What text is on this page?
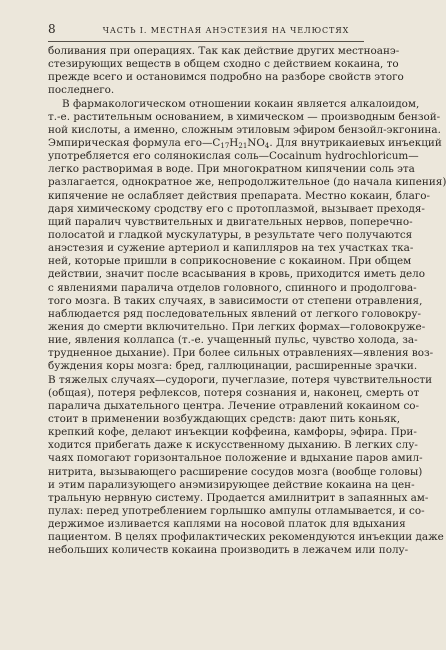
8	ЧАСТЬ I. МЕСТНАЯ АНЭСТЕЗИЯ НА ЧЕЛЮСТЯХ
боливания при операциях. Так как действие других местноанэ-
стезирующих веществ в общем сходно с действием кокаина, то
прежде всего и остановимся подробно на разборе свойств этого
последнего.
В фармакологическом отношении кокаин является алкалоидом,
т.-е. растительным основанием, в химическом — производным бензой-
ной кислоты, а именно, сложным этиловым эфиром бензойл-экгонина.
Эмпирическая формула $его—C_{17}H_{21}NO_4$. Для внутрикаиевых инъекций
употребляется его солянокислая соль—Cocainum hydrochloricum—
легко растворимая в воде. При многократном кипячении соль эта
разлагается, однократное же, непродолжительное (до начала кипения)
кипячение не ослабляет действия препарата. Местно кокаин, благо-
даря химическому сродству его с протоплазмой, вызывает преходя-
щий паралич чувствительных и двигательных нервов, поперечно-
полосатой и гладкой мускулатуры, в результате чего получаются
анэстезия и сужение артериол и капилляров на тех участках тка-
ней, которые пришли в соприкосновение с кокаином. При общем
действии, значит после всасывания в кровь, приходится иметь дело
с явлениями паралича отделов головного, спинного и продолгова-
того мозга. В таких случаях, в зависимости от степени отравления,
наблюдается ряд последовательных явлений от легкого головокру-
жения до смерти включительно. При легких формах—головокруже-
ние, явления коллапса (т.-е. учащенный пульс, чувство холода, за-
трудненное дыхание). При более сильных отравлениях—явления воз-
буждения коры мозга: бред, галлюцинации, расширенные зрачки.
В тяжелых случаях—судороги, пучеглазие, потеря чувствительности
(общая), потеря рефлексов, потеря сознания и, наконец, смерть от
паралича дыхательного центра. Лечение отравлений кокаином со-
стоит в применении возбуждающих средств: дают пить коньяк,
крепкий кофе, делают инъекции коффеина, камфоры, эфира. При-
ходится прибегать даже к искусственному дыханию. В легких слу-
чаях помогают горизонтальное положение и вдыхание паров амил-
нитрита, вызывающего расширение сосудов мозга (вообще головы)
и этим парализующего анэмизирующее действие кокаина на цен-
тральную нервную систему. Продается амилнитрит в запаянных ам-
пулах: перед употреблением горлышко ампулы отламывается, и со-
держимое изливается каплями на носовой платок для вдыхания
пациентом. В целях профилактических рекомендуются инъекции даже
небольших количеств кокаина производить в лежачем или полу-
